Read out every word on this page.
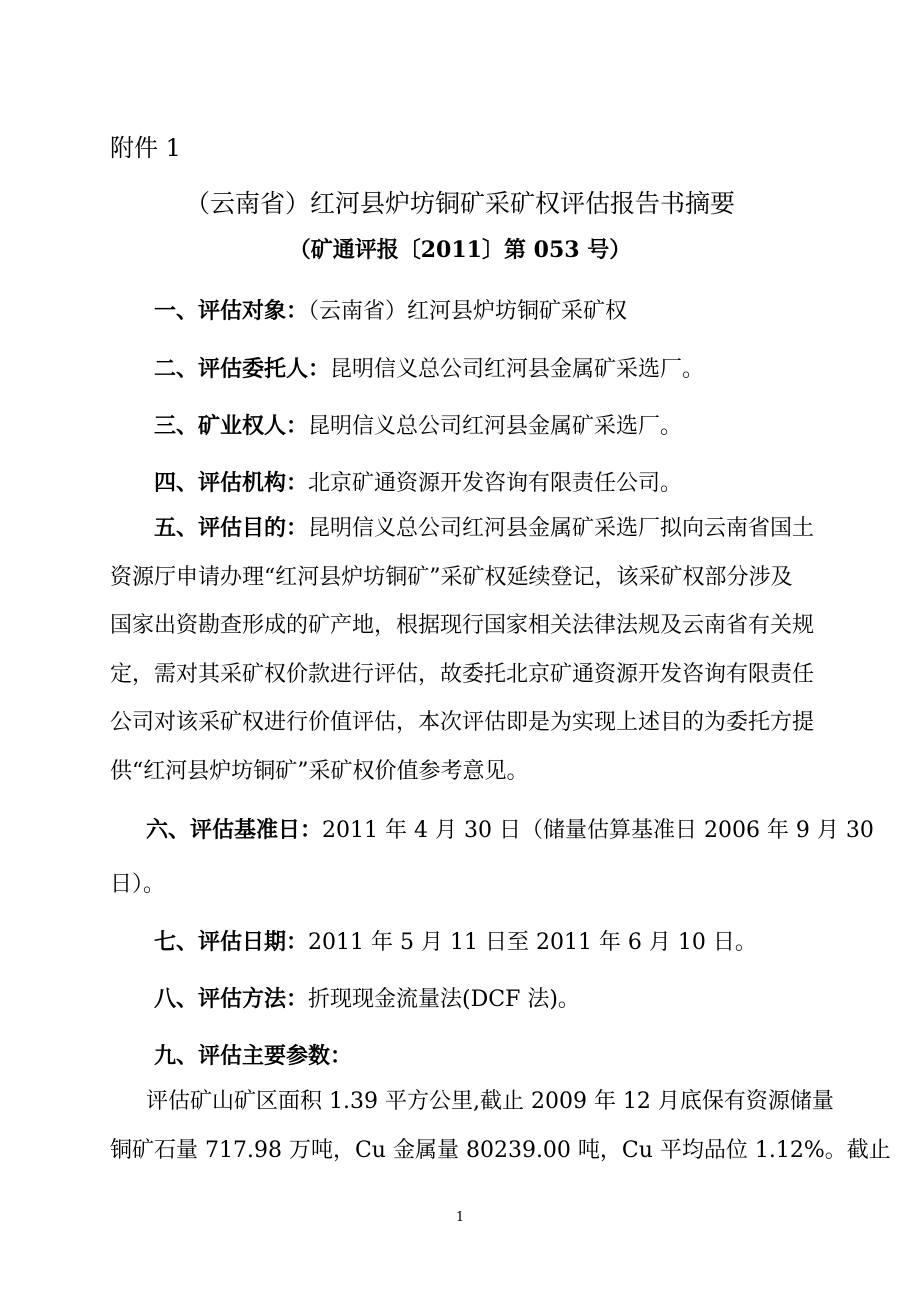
附件 1
（云南省）红河县炉坊铜矿采矿权评估报告书摘要
（矿通评报〔2011〕第 053 号）
一、评估对象：（云南省）红河县炉坊铜矿采矿权
二、评估委托人：昆明信义总公司红河县金属矿采选厂。
三、矿业权人：昆明信义总公司红河县金属矿采选厂。
四、评估机构：北京矿通资源开发咨询有限责任公司。
五、评估目的：昆明信义总公司红河县金属矿采选厂拟向云南省国土
资源厅申请办理“红河县炉坊铜矿”采矿权延续登记，该采矿权部分涉及
国家出资勘查形成的矿产地，根据现行国家相关法律法规及云南省有关规
定，需对其采矿权价款进行评估，故委托北京矿通资源开发咨询有限责任
公司对该采矿权进行价值评估，本次评估即是为实现上述目的为委托方提
供“红河县炉坊铜矿”采矿权价值参考意见。
六、评估基准日：2011 年 4 月 30 日（储量估算基准日 2006 年 9 月 30
日）。
七、评估日期：2011 年 5 月 11 日至 2011 年 6 月 10 日。
八、评估方法：折现现金流量法(DCF 法)。
九、评估主要参数：
评估矿山矿区面积 1.39 平方公里,截止 2009 年 12 月底保有资源储量
铜矿石量 717.98 万吨，Cu 金属量 80239.00 吨，Cu 平均品位 1.12%。截止
1
